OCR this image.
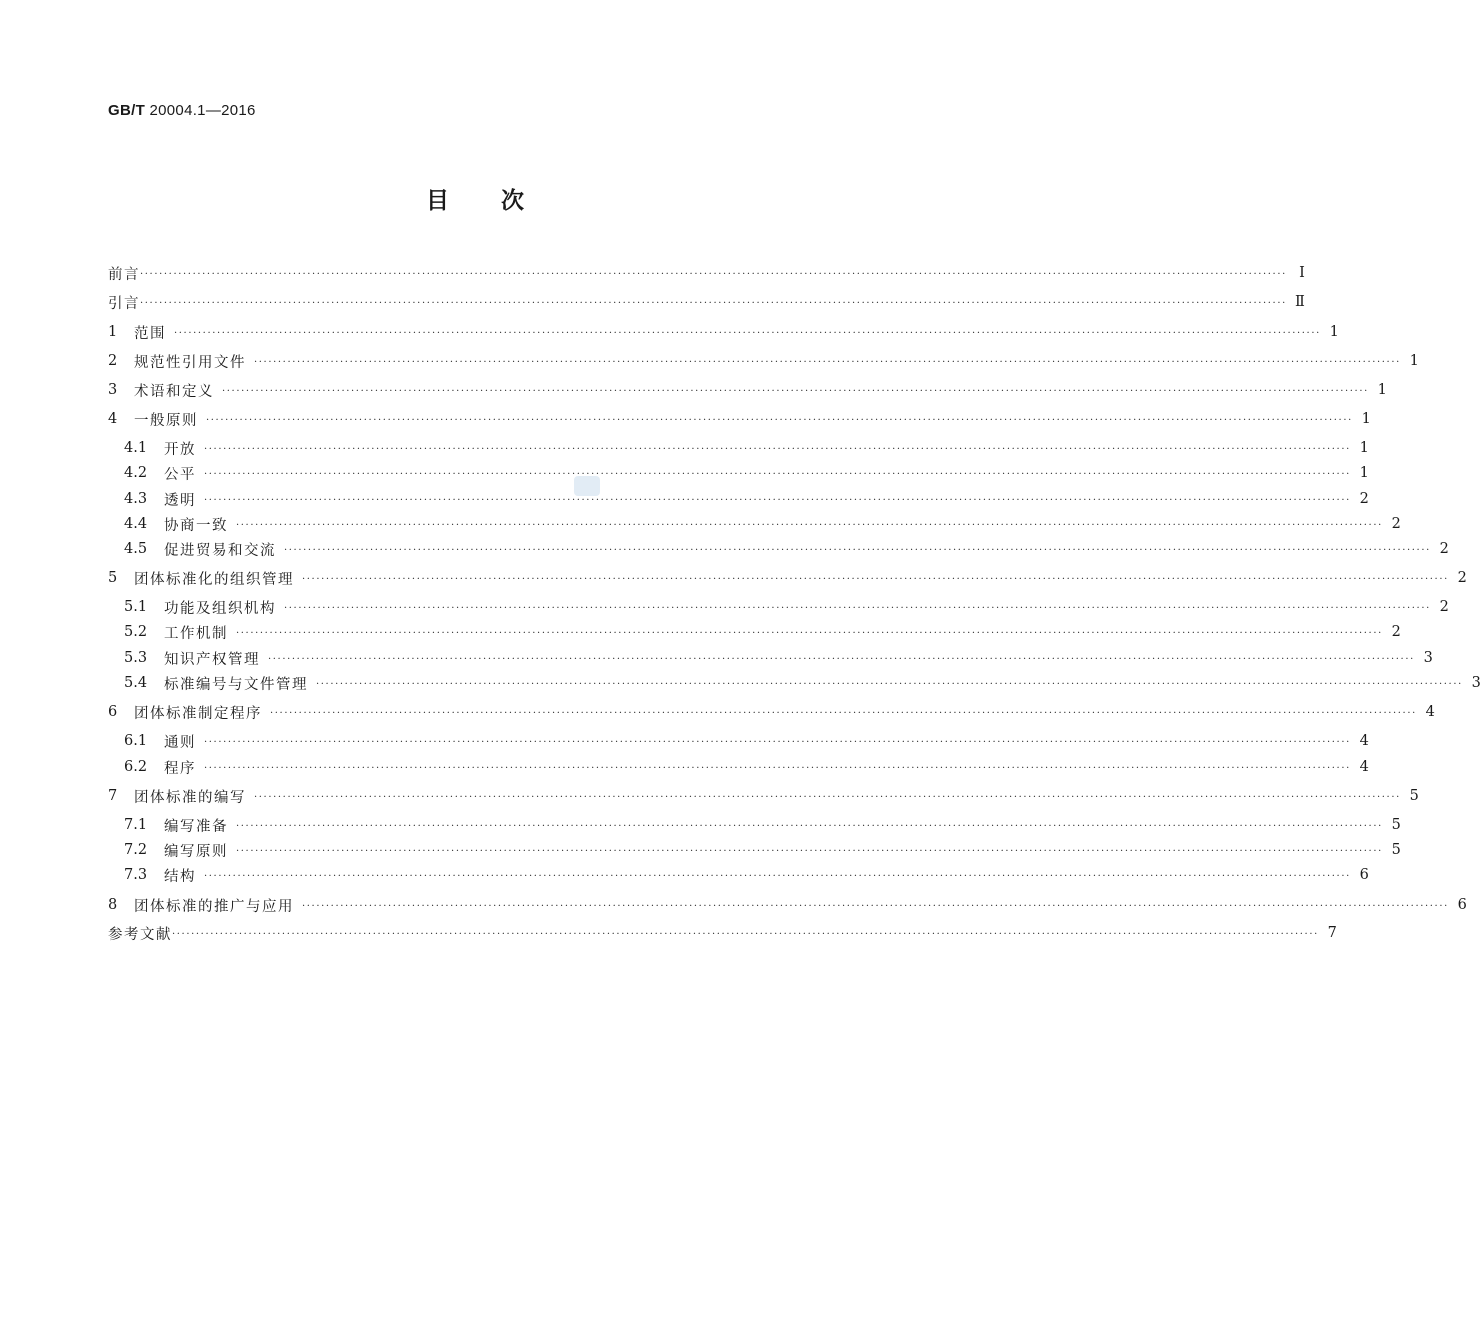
GB/T 20004.1—2016
目 次
前言 ················································································································································································································································ Ⅰ
引言 ················································································································································································································································ Ⅱ
1	范围 ················································································································································································································································ 1
2	规范性引用文件 ················································································································································································································································ 1
3	术语和定义 ················································································································································································································································ 1
4	一般原则 ················································································································································································································································ 1
4.1	开放 ················································································································································································································································ 1
4.2	公平 ················································································································································································································································ 1
4.3	透明 ················································································································································································································································ 2
4.4	协商一致 ················································································································································································································································ 2
4.5	促进贸易和交流 ················································································································································································································································ 2
5	团体标准化的组织管理 ················································································································································································································································ 2
5.1	功能及组织机构 ················································································································································································································································ 2
5.2	工作机制 ················································································································································································································································ 2
5.3	知识产权管理 ················································································································································································································································ 3
5.4	标准编号与文件管理 ················································································································································································································································ 3
6	团体标准制定程序 ················································································································································································································································ 4
6.1	通则 ················································································································································································································································ 4
6.2	程序 ················································································································································································································································ 4
7	团体标准的编写 ················································································································································································································································ 5
7.1	编写准备 ················································································································································································································································ 5
7.2	编写原则 ················································································································································································································································ 5
7.3	结构 ················································································································································································································································ 6
8	团体标准的推广与应用 ················································································································································································································································ 6
参考文献 ················································································································································································································································ 7
